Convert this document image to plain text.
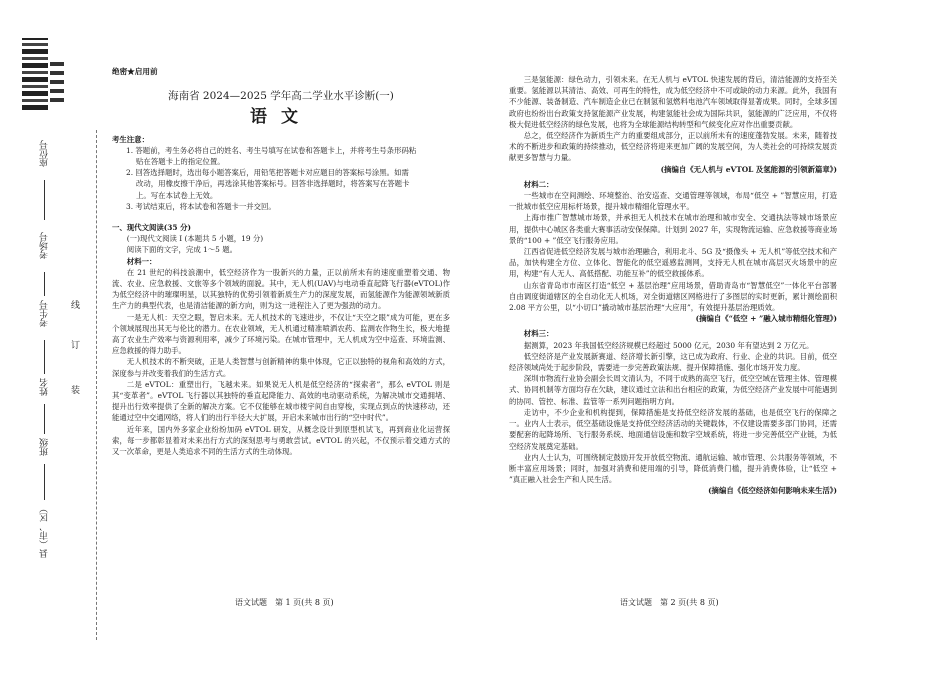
座位号
考场号
考生号
姓名
班级
县（市、区）
线
订
装
绝密★启用前

海南省 2024—2025 学年高二学业水平诊断(一)

语文

考生注意：

1. 答题前，考生务必将自己的姓名、考生号填写在试卷和答题卡上，并将考生号条形码粘

贴在答题卡上的指定位置。

2. 回答选择题时，选出每小题答案后，用铅笔把答题卡对应题目的答案标号涂黑。如需

改动，用橡皮擦干净后，再选涂其他答案标号。回答非选择题时，将答案写在答题卡

上。写在本试卷上无效。

3. 考试结束后，将本试卷和答题卡一并交回。

一、现代文阅读(35 分)

(一)现代文阅读 I (本题共 5 小题，19 分)

阅读下面的文字，完成 1～5 题。

材料一：

在 21 世纪的科技浪潮中，低空经济作为一股新兴的力量，正以前所未有的速度重塑着交通、物流、农业、应急救援、文旅等多个领域的面貌。其中，无人机(UAV)与电动垂直起降飞行器(eVTOL)作为低空经济中的璀璨明星，以其独特的优势引领着新质生产力的深度发展，而氢能源作为能源领域新质生产力的典型代表，也是清洁能源的新方向，则为这一进程注入了更为强劲的动力。

一是无人机：天空之眼，智启未来。无人机技术的飞速进步，不仅让“天空之眼”成为可能，更在多个领域展现出其无与伦比的潜力。在农业领域，无人机通过精准喷洒农药、监测农作物生长，极大地提高了农业生产效率与资源利用率，减少了环境污染。在城市管理中，无人机成为空中巡查、环境监测、应急救援的得力助手。

无人机技术的不断突破，正是人类智慧与创新精神的集中体现，它正以独特的视角和高效的方式，深度参与并改变着我们的生活方式。

二是 eVTOL：重塑出行，飞越未来。如果说无人机是低空经济的“探索者”，那么 eVTOL 则是其“变革者”。eVTOL 飞行器以其独特的垂直起降能力、高效的电动驱动系统，为解决城市交通拥堵、提升出行效率提供了全新的解决方案。它不仅能够在城市楼宇间自由穿梭，实现点到点的快速移动，还能通过空中交通网络，将人们的出行半径大大扩展，开启未来城市出行的“空中时代”。

近年来，国内外多家企业纷纷加码 eVTOL 研发，从概念设计到原型机试飞，再到商业化运营探索，每一步都彰显着对未来出行方式的深刻思考与勇敢尝试。eVTOL 的兴起，不仅预示着交通方式的又一次革命，更是人类追求不同的生活方式的生动体现。

语文试题　第 1 页(共 8 页)

三是氢能源：绿色动力，引领未来。在无人机与 eVTOL 快速发展的背后，清洁能源的支持至关重要。氢能源以其清洁、高效、可再生的特性，成为低空经济中不可或缺的动力来源。此外，我国有不少能源、装备制造、汽车制造企业已在制氢和氢燃料电池汽车领域取得显著成果。同时，全球多国政府也纷纷出台政策支持氢能源产业发展，构建氢能社会成为国际共识，氢能源的广泛应用，不仅将极大促进低空经济的绿色发展，也将为全球能源结构转型和气候变化应对作出重要贡献。

总之，低空经济作为新质生产力的重要组成部分，正以前所未有的速度蓬勃发展。未来，随着技术的不断进步和政策的持续推动，低空经济将迎来更加广阔的发展空间，为人类社会的可持续发展贡献更多智慧与力量。

(摘编自《无人机与 eVTOL 及氢能源的引领新篇章》)

材料二：

一些城市在空间测绘、环境整治、治安巡查、交通管理等领域，布局“低空 + ”智慧应用，打造一批城市低空应用标杆场景，提升城市精细化管理水平。

上海市推广智慧城市场景，并承担无人机技术在城市治理和城市安全、交通执法等城市场景应用，提供中心城区各类重大赛事活动安保保障。计划到 2027 年，实现物流运输、应急救援等商业场景的“100 + ”低空飞行服务应用。

江西省促进低空经济发展与城市治理融合，利用北斗、5G 及“摄像头 + 无人机”等低空技术和产品，加快构建全方位、立体化、智能化的低空遥感监测网，支持无人机在城市高层灭火场景中的应用，构建“有人无人、高低搭配、功能互补”的低空救援体系。

山东省青岛市市南区打造“低空 + 基层治理”应用场景，借助青岛市“智慧低空”一体化平台部署自由调度街道辖区的全自动化无人机场，对全街道辖区网格进行了多图层的实时更新，累计测绘面积 2.08 平方公里，以“小切口”撬动城市基层治理“大应用”，有效提升基层治理质效。

(摘编自《“低空 + ”融入城市精细化管理》)

材料三：

据测算，2023 年我国低空经济规模已经超过 5000 亿元，2030 年有望达到 2 万亿元。

低空经济是产业发展新赛道、经济增长新引擎，这已成为政府、行业、企业的共识。目前，低空经济领域尚处于起步阶段，需要进一步完善政策法规、提升保障措施、强化市场开发力度。

深圳市物流行业协会副会长周文清认为，不同于成熟的高空飞行，低空空域在管理主体、管理模式、协同机制等方面均存在欠缺，建议通过立法和出台相应的政策，为低空经济产业发展中可能遇到的协同、管控、标准、监管等一系列问题指明方向。

走访中，不少企业和机构提到，保障措施是支持低空经济发展的基础，也是低空飞行的保障之一。业内人士表示，低空基础设施是支持低空经济活动的关键载体，不仅建设需要多部门协同，还需要配套的起降场所、飞行服务系统、地面通信设施和数字空域系统，将进一步完善低空产业链，为低空经济发展奠定基础。

业内人士认为，可围绕制定鼓励开发开放低空物流、通航运输、城市管理、公共服务等领域，不断丰富应用场景；同时，加强对消费和使用端的引导，降低消费门槛，提升消费体验，让“低空 + ”真正融入社会生产和人民生活。

(摘编自《低空经济如何影响未来生活》)

语文试题　第 2 页(共 8 页)
